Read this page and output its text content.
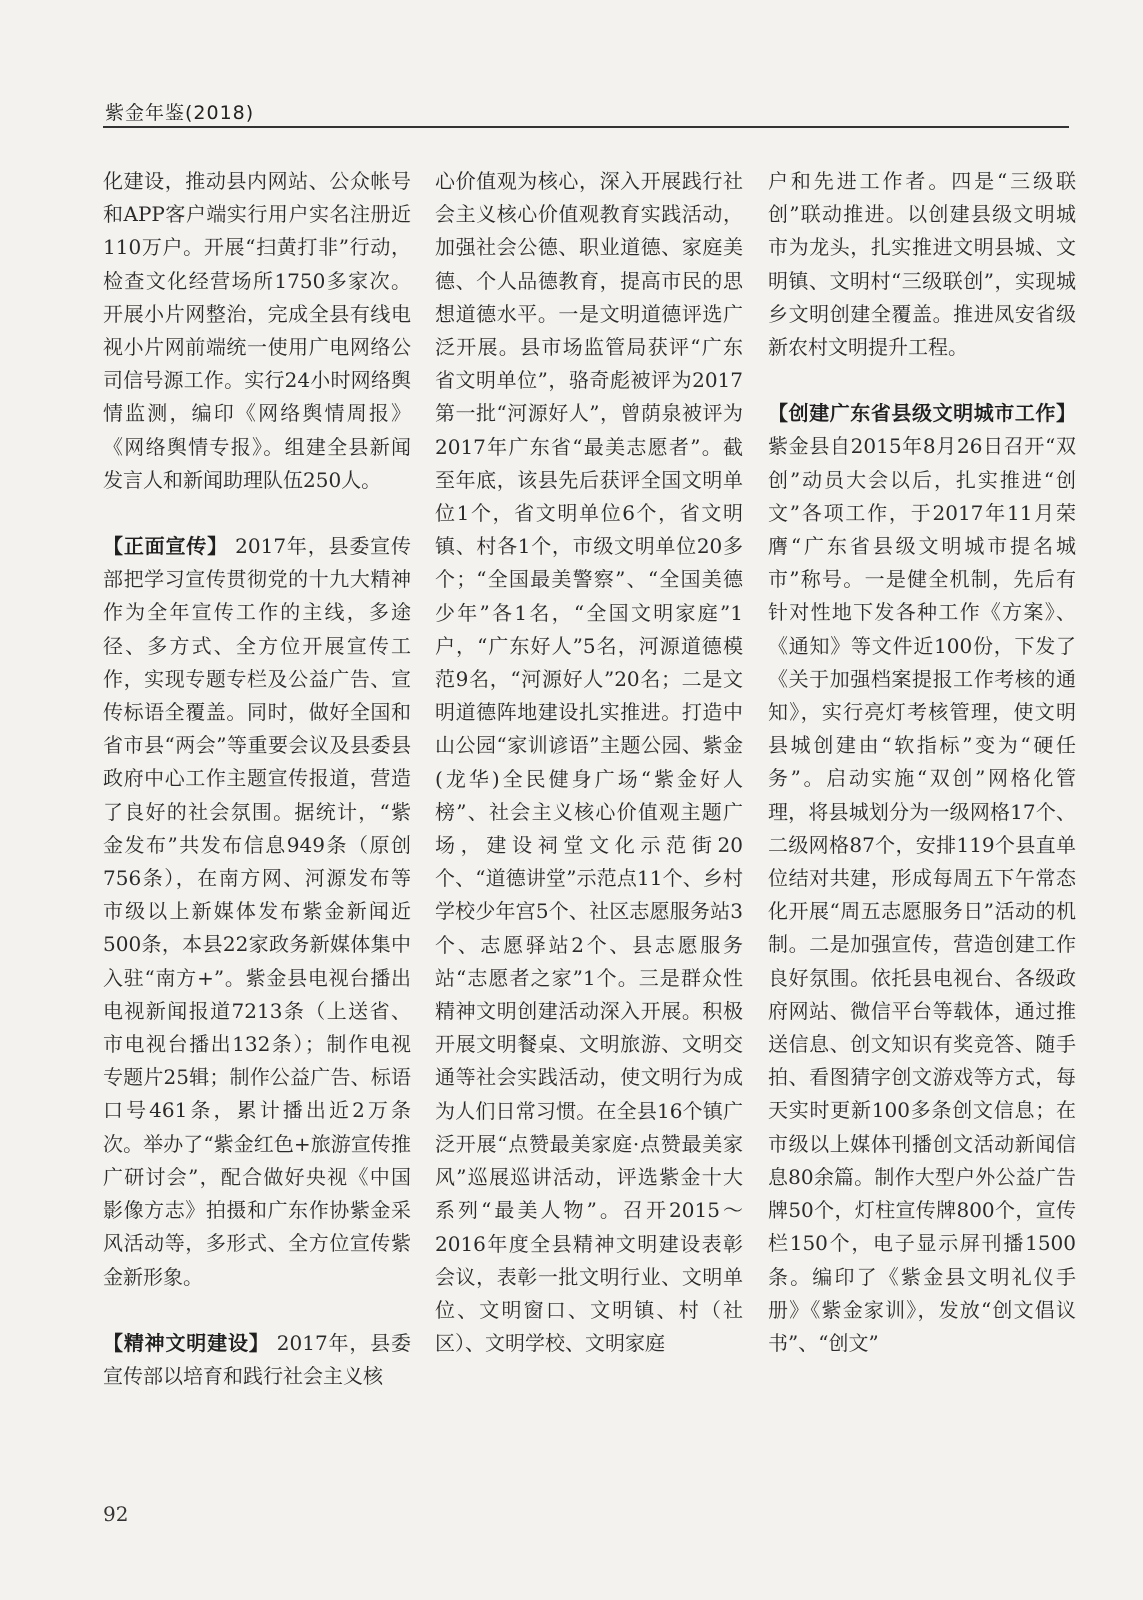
紫金年鉴(2018)

化建设，推动县内网站、公众帐号和APP客户端实行用户实名注册近110万户。开展“扫黄打非”行动，检查文化经营场所1750多家次。开展小片网整治，完成全县有线电视小片网前端统一使用广电网络公司信号源工作。实行24小时网络舆情监测，编印《网络舆情周报》《网络舆情专报》。组建全县新闻发言人和新闻助理队伍250人。

【正面宣传】 2017年，县委宣传部把学习宣传贯彻党的十九大精神作为全年宣传工作的主线，多途径、多方式、全方位开展宣传工作，实现专题专栏及公益广告、宣传标语全覆盖。同时，做好全国和省市县“两会”等重要会议及县委县政府中心工作主题宣传报道，营造了良好的社会氛围。据统计，“紫金发布”共发布信息949条（原创756条），在南方网、河源发布等市级以上新媒体发布紫金新闻近500条，本县22家政务新媒体集中入驻“南方+”。紫金县电视台播出电视新闻报道7213条（上送省、市电视台播出132条）；制作电视专题片25辑；制作公益广告、标语口号461条，累计播出近2万条次。举办了“紫金红色+旅游宣传推广研讨会”，配合做好央视《中国影像方志》拍摄和广东作协紫金采风活动等，多形式、全方位宣传紫金新形象。

【精神文明建设】 2017年，县委宣传部以培育和践行社会主义核

心价值观为核心，深入开展践行社会主义核心价值观教育实践活动，加强社会公德、职业道德、家庭美德、个人品德教育，提高市民的思想道德水平。一是文明道德评选广泛开展。县市场监管局获评“广东省文明单位”，骆奇彪被评为2017第一批“河源好人”，曾荫泉被评为2017年广东省“最美志愿者”。截至年底，该县先后获评全国文明单位1个，省文明单位6个，省文明镇、村各1个，市级文明单位20多个；“全国最美警察”、“全国美德少年”各1名，“全国文明家庭”1户，“广东好人”5名，河源道德模范9名，“河源好人”20名；二是文明道德阵地建设扎实推进。打造中山公园“家训谚语”主题公园、紫金(龙华)全民健身广场“紫金好人榜”、社会主义核心价值观主题广场，建设祠堂文化示范街20个、“道德讲堂”示范点11个、乡村学校少年宫5个、社区志愿服务站3个、志愿驿站2个、县志愿服务站“志愿者之家”1个。三是群众性精神文明创建活动深入开展。积极开展文明餐桌、文明旅游、文明交通等社会实践活动，使文明行为成为人们日常习惯。在全县16个镇广泛开展“点赞最美家庭·点赞最美家风”巡展巡讲活动，评选紫金十大系列“最美人物”。召开2015～2016年度全县精神文明建设表彰会议，表彰一批文明行业、文明单位、文明窗口、文明镇、村（社区）、文明学校、文明家庭

户和先进工作者。四是“三级联创”联动推进。以创建县级文明城市为龙头，扎实推进文明县城、文明镇、文明村“三级联创”，实现城乡文明创建全覆盖。推进凤安省级新农村文明提升工程。

【创建广东省县级文明城市工作】 紫金县自2015年8月26日召开“双创”动员大会以后，扎实推进“创文”各项工作，于2017年11月荣膺“广东省县级文明城市提名城市”称号。一是健全机制，先后有针对性地下发各种工作《方案》、《通知》等文件近100份，下发了《关于加强档案提报工作考核的通知》，实行亮灯考核管理，使文明县城创建由“软指标”变为“硬任务”。启动实施“双创”网格化管理，将县城划分为一级网格17个、二级网格87个，安排119个县直单位结对共建，形成每周五下午常态化开展“周五志愿服务日”活动的机制。二是加强宣传，营造创建工作良好氛围。依托县电视台、各级政府网站、微信平台等载体，通过推送信息、创文知识有奖竞答、随手拍、看图猜字创文游戏等方式，每天实时更新100多条创文信息；在市级以上媒体刊播创文活动新闻信息80余篇。制作大型户外公益广告牌50个，灯柱宣传牌800个，宣传栏150个，电子显示屏刊播1500条。编印了《紫金县文明礼仪手册》《紫金家训》，发放“创文倡议书”、“创文”

92
